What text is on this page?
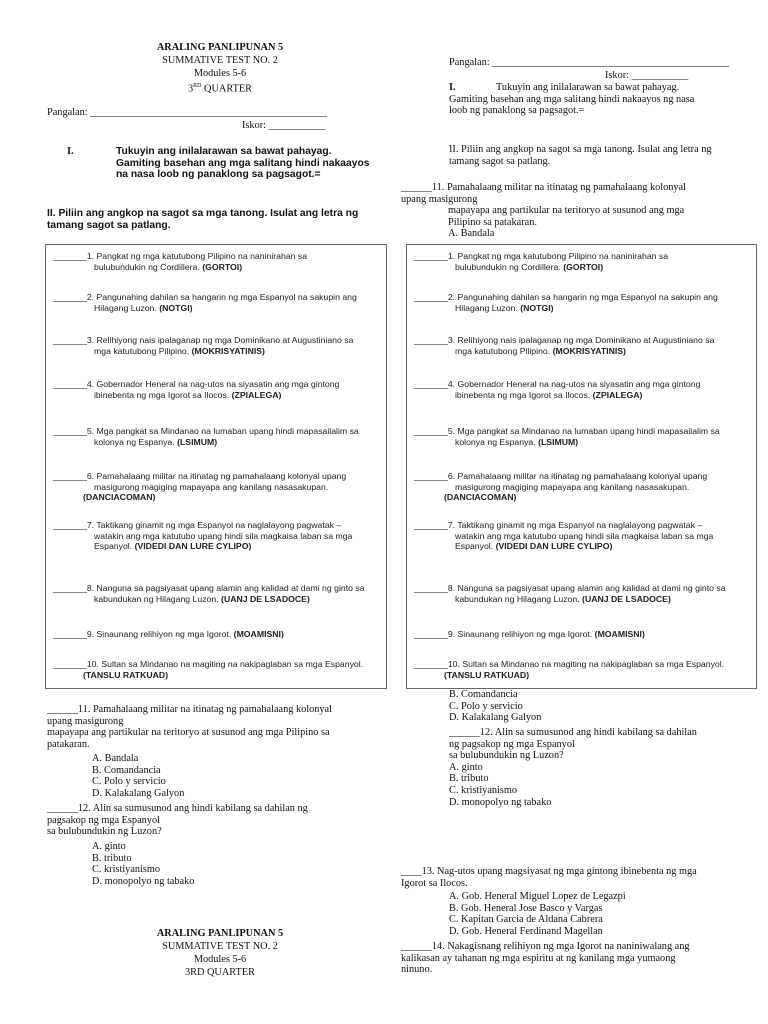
ARALING PANLIPUNAN 5
SUMMATIVE TEST NO. 2
Modules 5-6
3RD QUARTER
Pangalan: ______________________________________________
Iskor: ___________
I.	Tukuyin ang inilalarawan sa bawat pahayag.
Gamiting basehan ang mga salitang hindi nakaayos
na nasa loob ng panaklong sa pagsagot.=
II. Piliin ang angkop na sagot sa mga tanong. Isulat ang letra ng
tamang sagot sa patlang.
_______1. Pangkat ng mga katutubong Pilipino na naninirahan sa
bulubundukin ng Cordillera. (GORTOI)
_______2. Pangunahing dahilan sa hangarin ng mga Espanyol na sakupin ang
Hilagang Luzon. (NOTGI)
_______3. Relihiyong nais ipalaganap ng mga Dominikano at Augustiniano sa
mga katutubong Pilipino. (MOKRISYATINIS)
_______4. Gobernador Heneral na nag-utos na siyasatin ang mga gintong
ibinebenta ng mga Igorot sa Ilocos. (ZPIALEGA)
_______5. Mga pangkat sa Mindanao na lumaban upang hindi mapasailalim sa
kolonya ng Espanya. (LSIMUM)
_______6. Pamahalaang militar na itinatag ng pamahalaang kolonyal upang
masigurong magiging mapayapa ang kanilang nasasakupan.
(DANCIACOMAN)
_______7. Taktikang ginamit ng mga Espanyol na naglalayong pagwatak –
watakin ang mga katutubo upang hindi sila magkaisa laban sa mga
Espanyol. (VIDEDI DAN LURE CYLIPO)
_______8. Nanguna sa pagsiyasat upang alamin ang kalidad at dami ng ginto sa
kabundukan ng Hilagang Luzon. (UANJ DE LSADOCE)
_______9. Sinaunang relihiyon ng mga Igorot. (MOAMISNI)
_______10. Sultan sa Mindanao na magiting na nakipaglaban sa mga Espanyol.
(TANSLU RATKUAD)
______11. Pamahalaang militar na itinatag ng pamahalaang kolonyal
upang masigurong
mapayapa ang partikular na teritoryo at susunod ang mga Pilipino sa
patakaran.
A. Bandala
B. Comandancia
C. Polo y servicio
D. Kalakalang Galyon
______12. Alin sa sumusunod ang hindi kabilang sa dahilan ng
pagsakop ng mga Espanyol
sa bulubundukin ng Luzon?
A. ginto
B. tributo
C. kristiyanismo
D. monopolyo ng tabako
ARALING PANLIPUNAN 5
SUMMATIVE TEST NO. 2
Modules 5-6
3RD QUARTER
Pangalan: ______________________________________________
Iskor: ___________
I.	Tukuyin ang inilalarawan sa bawat pahayag.
Gamiting basehan ang mga salitang hindi nakaayos ng nasa
loob ng panaklong sa pagsagot.=
II. Piliin ang angkop na sagot sa mga tanong. Isulat ang letra ng
tamang sagot sa patlang.
______11. Pamahalaang militar na itinatag ng pamahalaang kolonyal
upang masigurong
mapayapa ang partikular na teritoryo at susunod ang mga
Pilipino sa patakaran.
A. Bandala
_______1. Pangkat ng mga katutubong Pilipino na naninirahan sa
bulubundukin ng Cordillera. (GORTOI)
_______2. Pangunahing dahilan sa hangarin ng mga Espanyol na sakupin ang
Hilagang Luzon. (NOTGI)
_______3. Relihiyong nais ipalaganap ng mga Dominikano at Augustiniano sa
mga katutubong Pilipino. (MOKRISYATINIS)
_______4. Gobernador Heneral na nag-utos na siyasatin ang mga gintong
ibinebenta ng mga Igorot sa Ilocos. (ZPIALEGA)
_______5. Mga pangkat sa Mindanao na lumaban upang hindi mapasailalim sa
kolonya ng Espanya. (LSIMUM)
_______6. Pamahalaang militar na itinatag ng pamahalaang kolonyal upang
masigurong magiging mapayapa ang kanilang nasasakupan.
(DANCIACOMAN)
_______7. Taktikang ginamit ng mga Espanyol na naglalayong pagwatak –
watakin ang mga katutubo upang hindi sila magkaisa laban sa mga
Espanyol. (VIDEDI DAN LURE CYLIPO)
_______8. Nanguna sa pagsiyasat upang alamin ang kalidad at dami ng ginto sa
kabundukan ng Hilagang Luzon. (UANJ DE LSADOCE)
_______9. Sinaunang relihiyon ng mga Igorot. (MOAMISNI)
_______10. Sultan sa Mindanao na magiting na nakipaglaban sa mga Espanyol.
(TANSLU RATKUAD)
B. Comandancia
C. Polo y servicio
D. Kalakalang Galyon
______12. Alin sa sumusunod ang hindi kabilang sa dahilan
ng pagsakop ng mga Espanyol
sa bulubundukin ng Luzon?
A. ginto
B. tributo
C. kristiyanismo
D. monopolyo ng tabako
____13. Nag-utos upang magsiyasat ng mga gintong ibinebenta ng mga
Igorot sa Ilocos.
A. Gob. Heneral Miguel Lopez de Legazpi
B. Gob. Heneral Jose Basco y Vargas
C. Kapitan Garcia de Aldana Cabrera
D. Gob. Heneral Ferdinand Magellan
______14. Nakagisnang relihiyon ng mga Igorot na naniniwalang ang
kalikasan ay tahanan ng mga espiritu at ng kanilang mga yumaong
ninuno.
